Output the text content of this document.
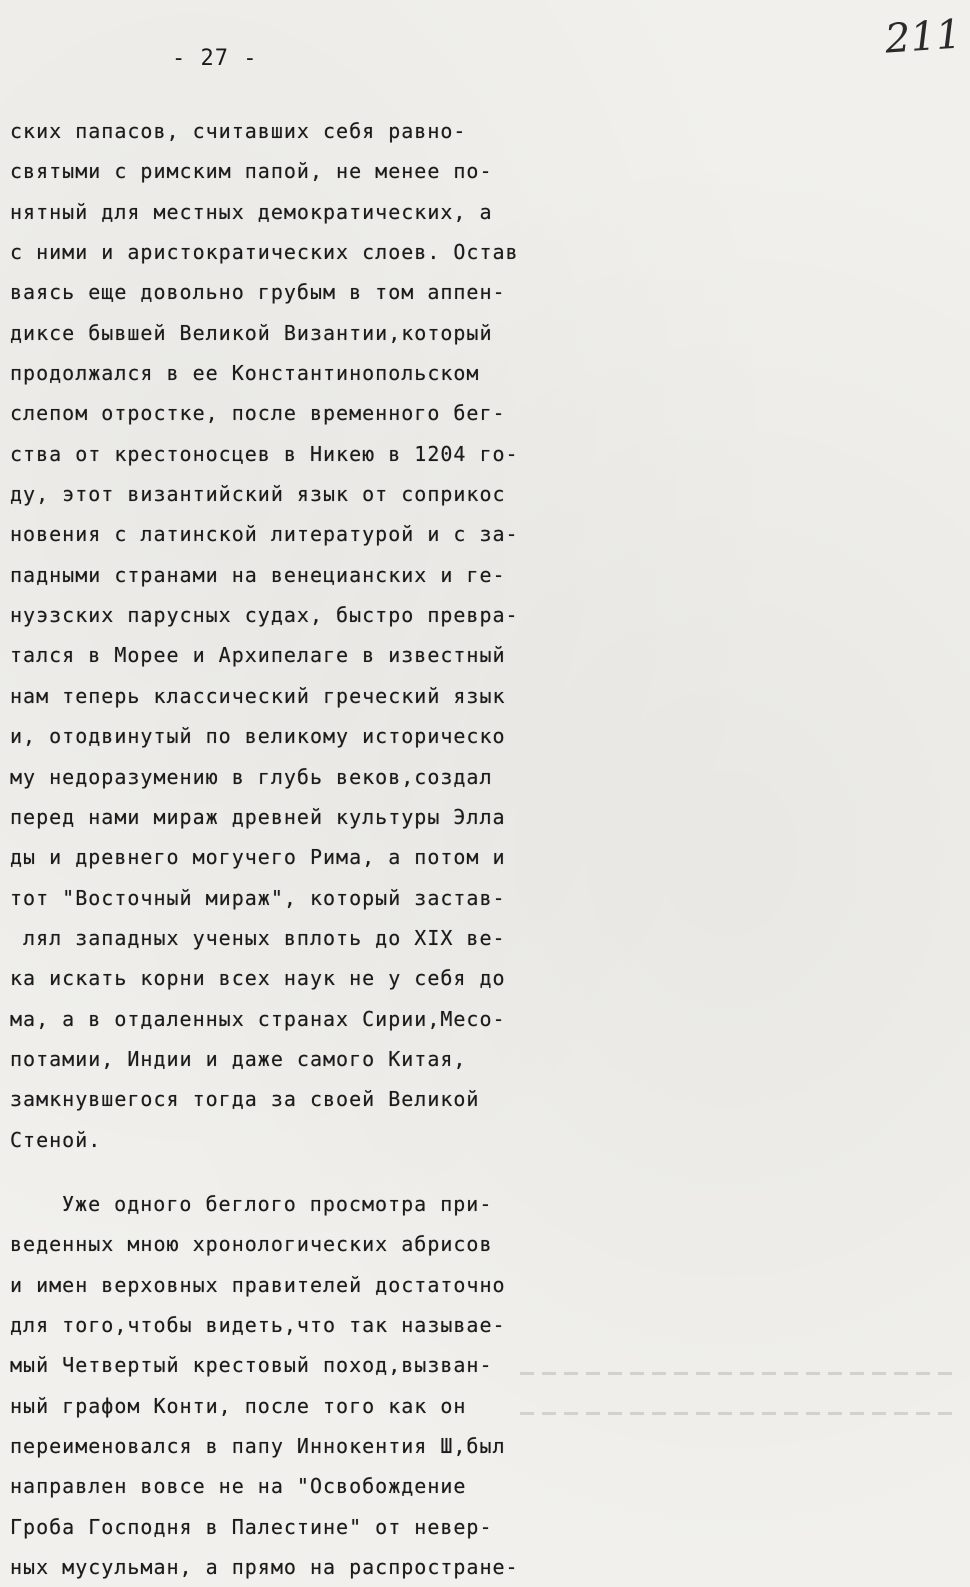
- 27 -	211
ских папасов, считавших себя равно-
святыми с римским папой, не менее по-
нятный для местных демократических, а
с ними и аристократических слоев. Остав
ваясь еще довольно грубым в том аппен-
диксе бывшей Великой Византии,который
продолжался в ее Константинопольском
слепом отростке, после временного бег-
ства от крестоносцев в Никею в 1204 го-
ду, этот византийский язык от соприкос
новения с латинской литературой и с за-
падными странами на венецианских и ге-
нуэзских парусных судах, быстро превра-
тался в Морее и Архипелаге в известный
нам теперь классический греческий язык
и, отодвинутый по великому историческо
му недоразумению в глубь веков,создал
перед нами мираж древней культуры Элла
ды и древнего могучего Рима, а потом и
тот "Восточный мираж", который застав-
лял западных ученых вплоть до XIX ве-
ка искать корни всех наук не у себя до
ма, а в отдаленных странах Сирии,Месо-
потамии, Индии и даже самого Китая,
замкнувшегося тогда за своей Великой
Стеной.
Уже одного беглого просмотра при-
веденных мною хронологических абрисов
и имен верховных правителей достаточно
для того,чтобы видеть,что так называе-
мый Четвертый крестовый поход,вызван-
ный графом Конти, после того как он
переименовался в папу Иннокентия Ш,был
направлен вовсе не на "Освобождение
Гроба Господня в Палестине" от невер-
ных мусульман, а прямо на распростране-
